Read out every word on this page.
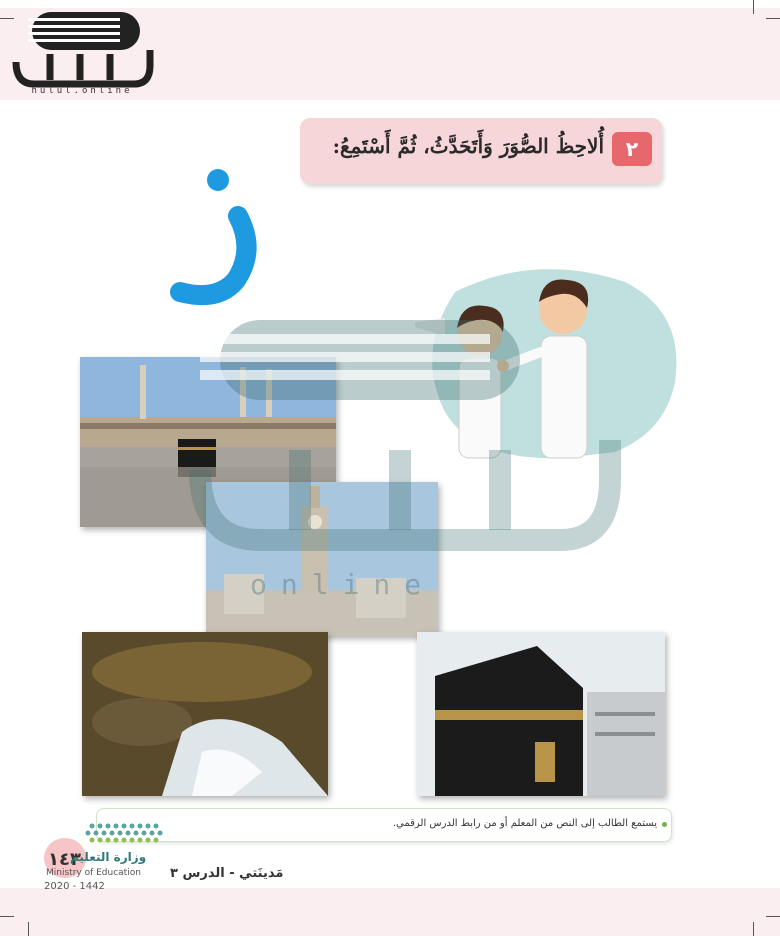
hulul.online
٢
أُلاحِظُ الصُّوَرَ وَأَتَحَدَّثُ، ثُمَّ أَسْتَمِعُ:
online
يستمع الطالب إلى النص من المعلم أو من رابط الدرس الرقمي.
١٤٣
وزارة التعليم
Ministry of Education
2020 - 1442
مَدينَتي - الدرس ٣
